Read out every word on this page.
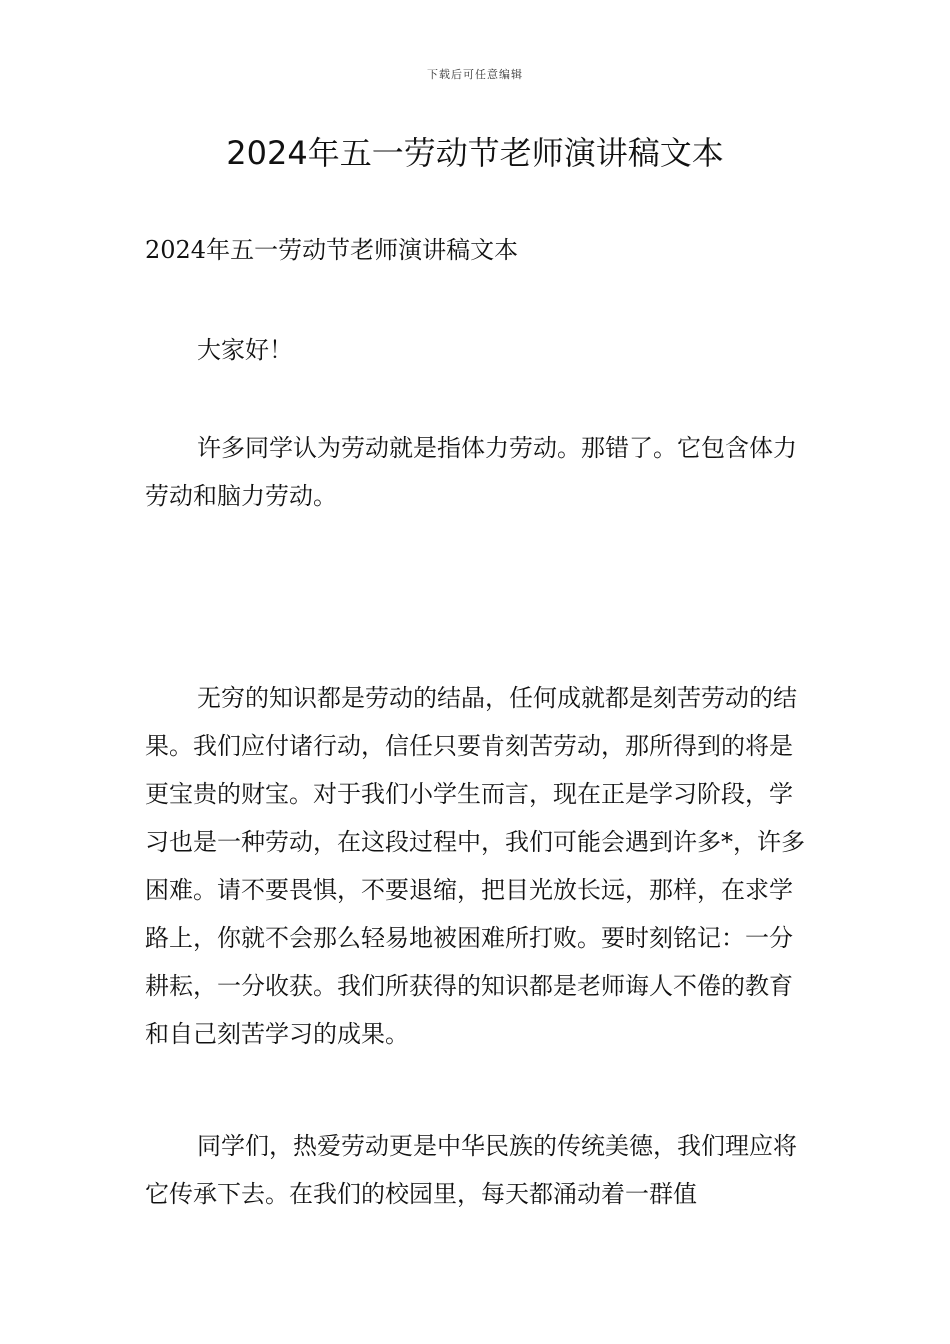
下载后可任意编辑
2024年五一劳动节老师演讲稿文本

2024年五一劳动节老师演讲稿文本

大家好！

许多同学认为劳动就是指体力劳动。那错了。它包含体力劳动和脑力劳动。

无穷的知识都是劳动的结晶，任何成就都是刻苦劳动的结果。我们应付诸行动，信任只要肯刻苦劳动，那所得到的将是更宝贵的财宝。对于我们小学生而言，现在正是学习阶段，学习也是一种劳动，在这段过程中，我们可能会遇到许多*，许多困难。请不要畏惧，不要退缩，把目光放长远，那样，在求学路上，你就不会那么轻易地被困难所打败。要时刻铭记：一分耕耘，一分收获。我们所获得的知识都是老师诲人不倦的教育和自己刻苦学习的成果。

同学们，热爱劳动更是中华民族的传统美德，我们理应将它传承下去。在我们的校园里，每天都涌动着一群值
